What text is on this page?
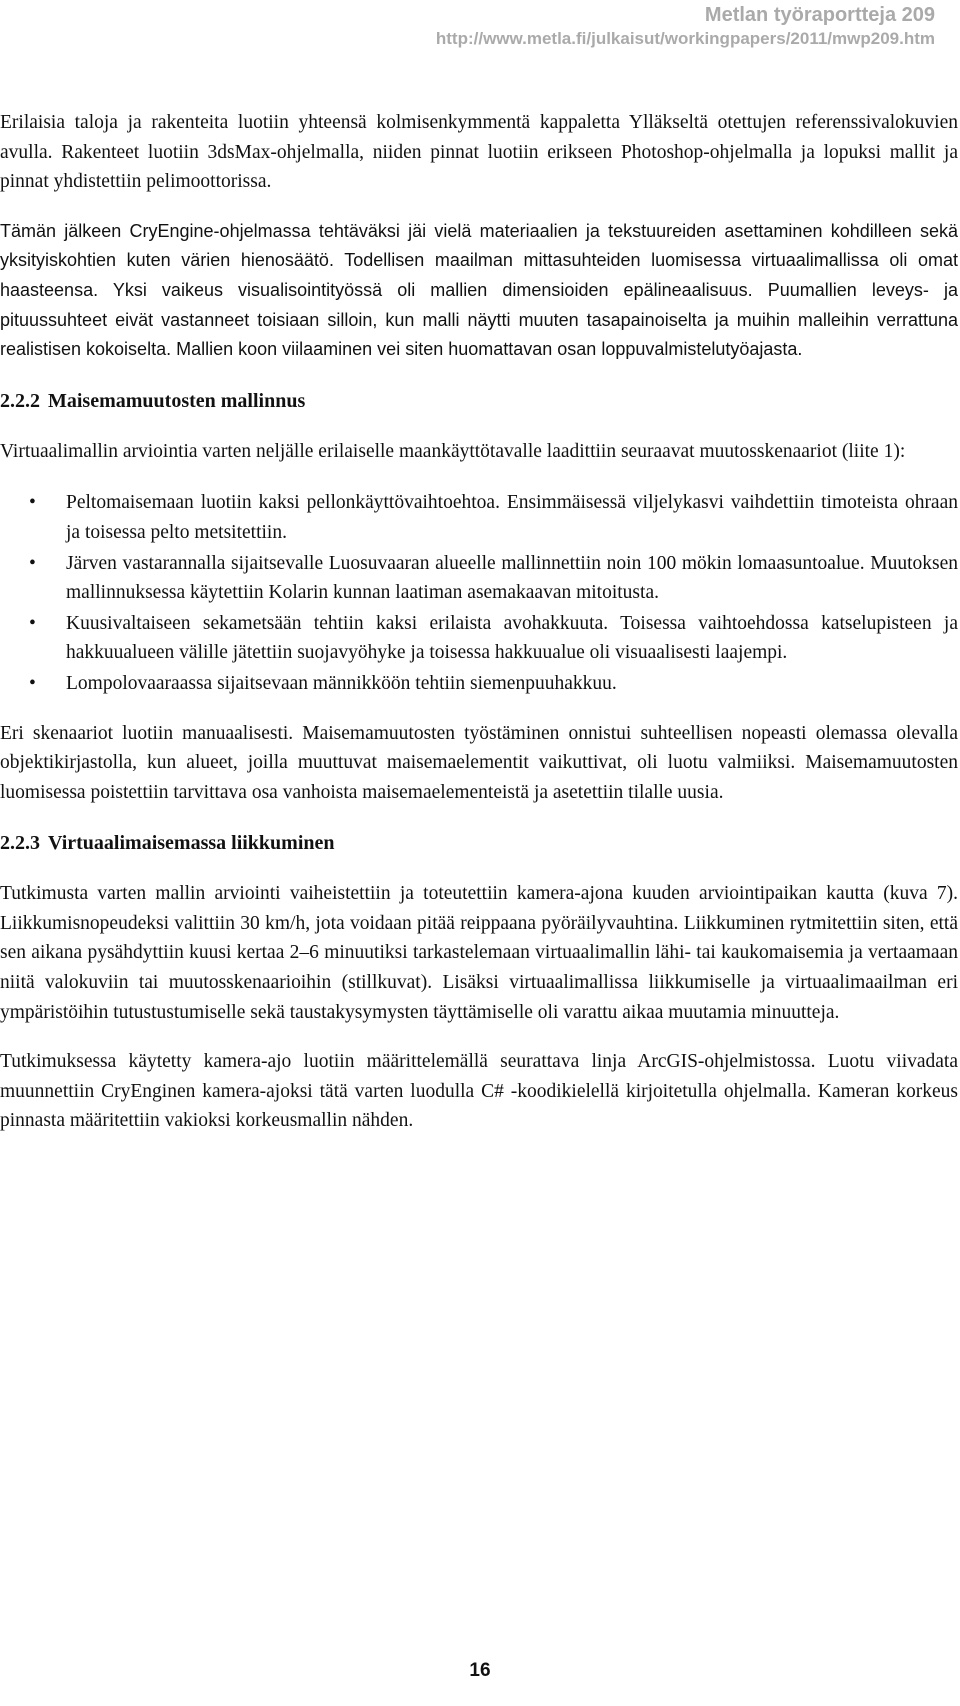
Metlan työraportteja 209
http://www.metla.fi/julkaisut/workingpapers/2011/mwp209.htm

Erilaisia taloja ja rakenteita luotiin yhteensä kolmisenkymmentä kappaletta Ylläkseltä otettujen referenssivalokuvien avulla. Rakenteet luotiin 3dsMax-ohjelmalla, niiden pinnat luotiin erikseen Photoshop-ohjelmalla ja lopuksi mallit ja pinnat yhdistettiin pelimoottorissa.

Tämän jälkeen CryEngine-ohjelmassa tehtäväksi jäi vielä materiaalien ja tekstuureiden asettaminen kohdilleen sekä yksityiskohtien kuten värien hienosäätö. Todellisen maailman mittasuhteiden luomisessa virtuaalimallissa oli omat haasteensa. Yksi vaikeus visualisointityössä oli mallien dimensioiden epälineaalisuus. Puumallien leveys- ja pituussuhteet eivät vastanneet toisiaan silloin, kun malli näytti muuten tasapainoiselta ja muihin malleihin verrattuna realistisen kokoiselta. Mallien koon viilaaminen vei siten huomattavan osan loppuvalmistelutyöajasta.

2.2.2 Maisemamuutosten mallinnus

Virtuaalimallin arviointia varten neljälle erilaiselle maankäyttötavalle laadittiin seuraavat muutosskenaariot (liite 1):

• Peltomaisemaan luotiin kaksi pellonkäyttövaihtoehtoa. Ensimmäisessä viljelykasvi vaihdettiin timoteista ohraan ja toisessa pelto metsitettiin.
• Järven vastarannalla sijaitsevalle Luosuvaaran alueelle mallinnettiin noin 100 mökin lomaasuntoalue. Muutoksen mallinnuksessa käytettiin Kolarin kunnan laatiman asemakaavan mitoitusta.
• Kuusivaltaiseen sekametsään tehtiin kaksi erilaista avohakkuuta. Toisessa vaihtoehdossa katselupisteen ja hakkuualueen välille jätettiin suojavyöhyke ja toisessa hakkuualue oli visuaalisesti laajempi.
• Lompolovaaraassa sijaitsevaan männikköön tehtiin siemenpuuhakkuu.

Eri skenaariot luotiin manuaalisesti. Maisemamuutosten työstäminen onnistui suhteellisen nopeasti olemassa olevalla objektikirjastolla, kun alueet, joilla muuttuvat maisemaelementit vaikuttivat, oli luotu valmiiksi. Maisemamuutosten luomisessa poistettiin tarvittava osa vanhoista maisemaelementeistä ja asetettiin tilalle uusia.

2.2.3 Virtuaalimaisemassa liikkuminen

Tutkimusta varten mallin arviointi vaiheistettiin ja toteutettiin kamera-ajona kuuden arviointipaikan kautta (kuva 7). Liikkumisnopeudeksi valittiin 30 km/h, jota voidaan pitää reippaana pyöräilyvauhtina. Liikkuminen rytmitettiin siten, että sen aikana pysähdyttiin kuusi kertaa 2–6 minuutiksi tarkastelemaan virtuaalimallin lähi- tai kaukomaisemia ja vertaamaan niitä valokuviin tai muutosskenaarioihin (stillkuvat). Lisäksi virtuaalimallissa liikkumiselle ja virtuaalimaailman eri ympäristöihin tutustustumiselle sekä taustakysymysten täyttämiselle oli varattu aikaa muutamia minuutteja.

Tutkimuksessa käytetty kamera-ajo luotiin määrittelemällä seurattava linja ArcGIS-ohjelmistossa. Luotu viivadata muunnettiin CryEnginen kamera-ajoksi tätä varten luodulla C# -koodikielellä kirjoitetulla ohjelmalla. Kameran korkeus pinnasta määritettiin vakioksi korkeusmallin nähden.

16
